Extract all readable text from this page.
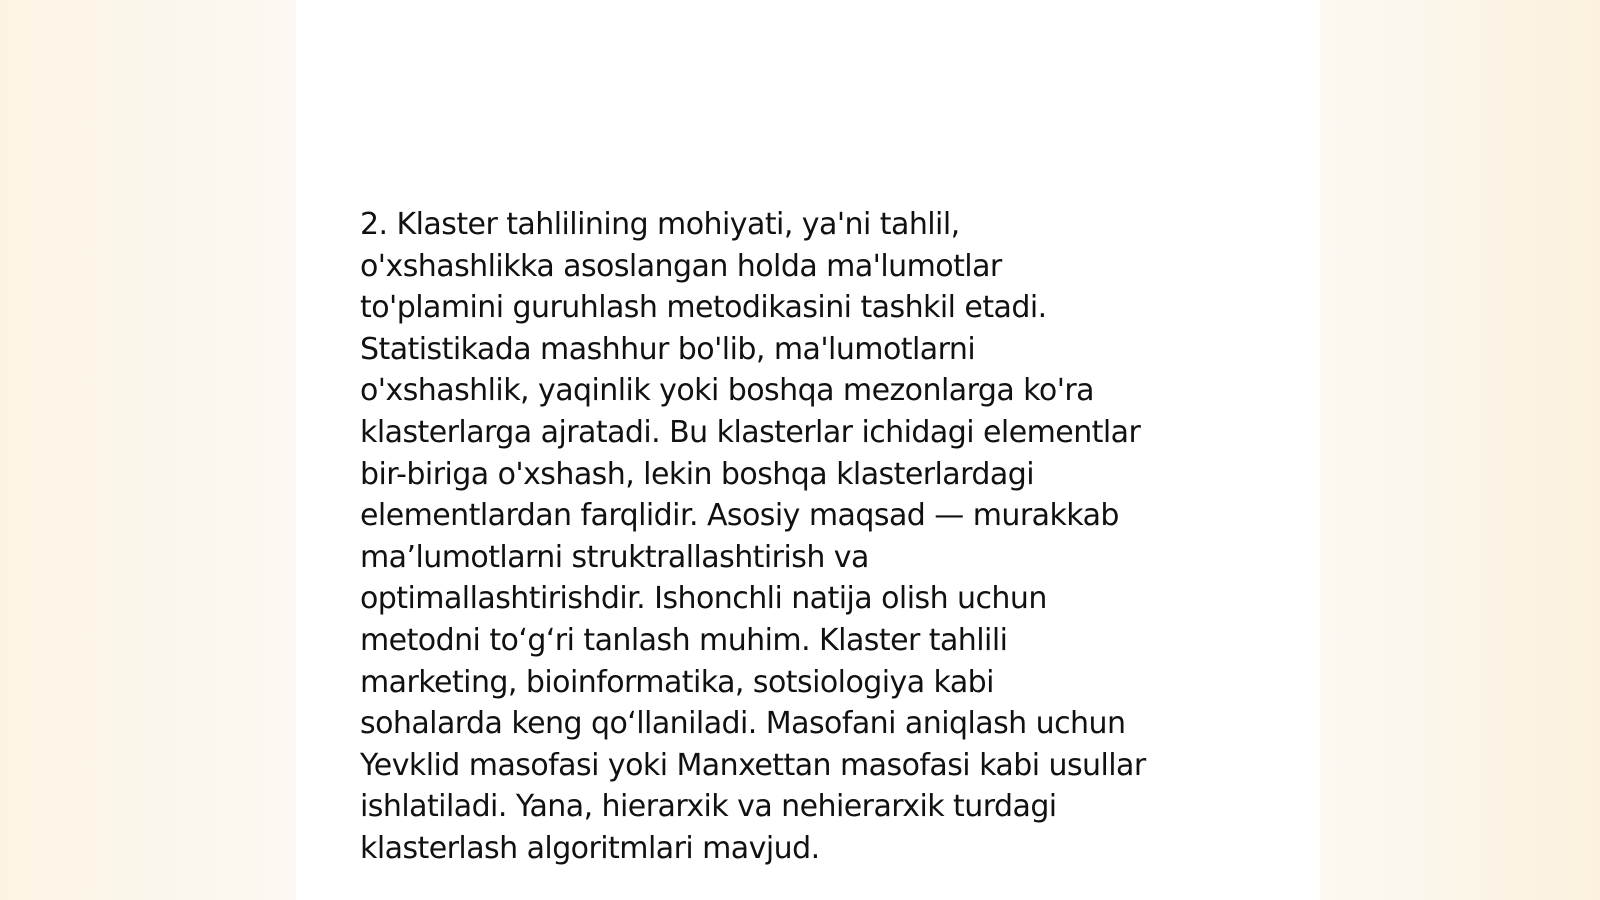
2. Klaster tahlilining mohiyati, ya'ni tahlil,
o'xshashlikka asoslangan holda ma'lumotlar
to'plamini guruhlash metodikasini tashkil etadi.
Statistikada mashhur bo'lib, ma'lumotlarni
o'xshashlik, yaqinlik yoki boshqa mezonlarga ko'ra
klasterlarga ajratadi. Bu klasterlar ichidagi elementlar
bir-biriga o'xshash, lekin boshqa klasterlardagi
elementlardan farqlidir. Asosiy maqsad — murakkab
ma’lumotlarni struktrallashtirish va
optimallashtirishdir. Ishonchli natija olish uchun
metodni to‘g‘ri tanlash muhim. Klaster tahlili
marketing, bioinformatika, sotsiologiya kabi
sohalarda keng qo‘llaniladi. Masofani aniqlash uchun
Yevklid masofasi yoki Manxettan masofasi kabi usullar
ishlatiladi. Yana, hierarxik va nehierarxik turdagi
klasterlash algoritmlari mavjud.
